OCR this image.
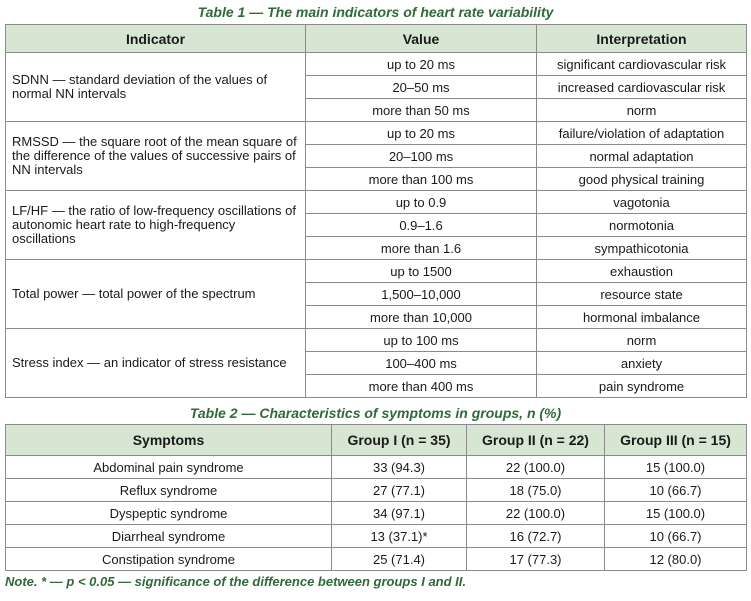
Table 1 — The main indicators of heart rate variability
Indicator	Value	Interpretation
SDNN — standard deviation of the values of normal NN intervals	up to 20 ms	significant cardiovascular risk
	20–50 ms	increased cardiovascular risk
	more than 50 ms	norm
RMSSD — the square root of the mean square of the difference of the values of successive pairs of NN intervals	up to 20 ms	failure/violation of adaptation
	20–100 ms	normal adaptation
	more than 100 ms	good physical training
LF/HF — the ratio of low-frequency oscillations of autonomic heart rate to high-frequency oscillations	up to 0.9	vagotonia
	0.9–1.6	normotonia
	more than 1.6	sympathicotonia
Total power — total power of the spectrum	up to 1500	exhaustion
	1,500–10,000	resource state
	more than 10,000	hormonal imbalance
Stress index — an indicator of stress resistance	up to 100 ms	norm
	100–400 ms	anxiety
	more than 400 ms	pain syndrome
Table 2 — Characteristics of symptoms in groups, n (%)
Symptoms	Group I (n = 35)	Group II (n = 22)	Group III (n = 15)
Abdominal pain syndrome	33 (94.3)	22 (100.0)	15 (100.0)
Reflux syndrome	27 (77.1)	18 (75.0)	10 (66.7)
Dyspeptic syndrome	34 (97.1)	22 (100.0)	15 (100.0)
Diarrheal syndrome	13 (37.1)*	16 (72.7)	10 (66.7)
Constipation syndrome	25 (71.4)	17 (77.3)	12 (80.0)
Note. * — p < 0.05 — significance of the difference between groups I and II.
